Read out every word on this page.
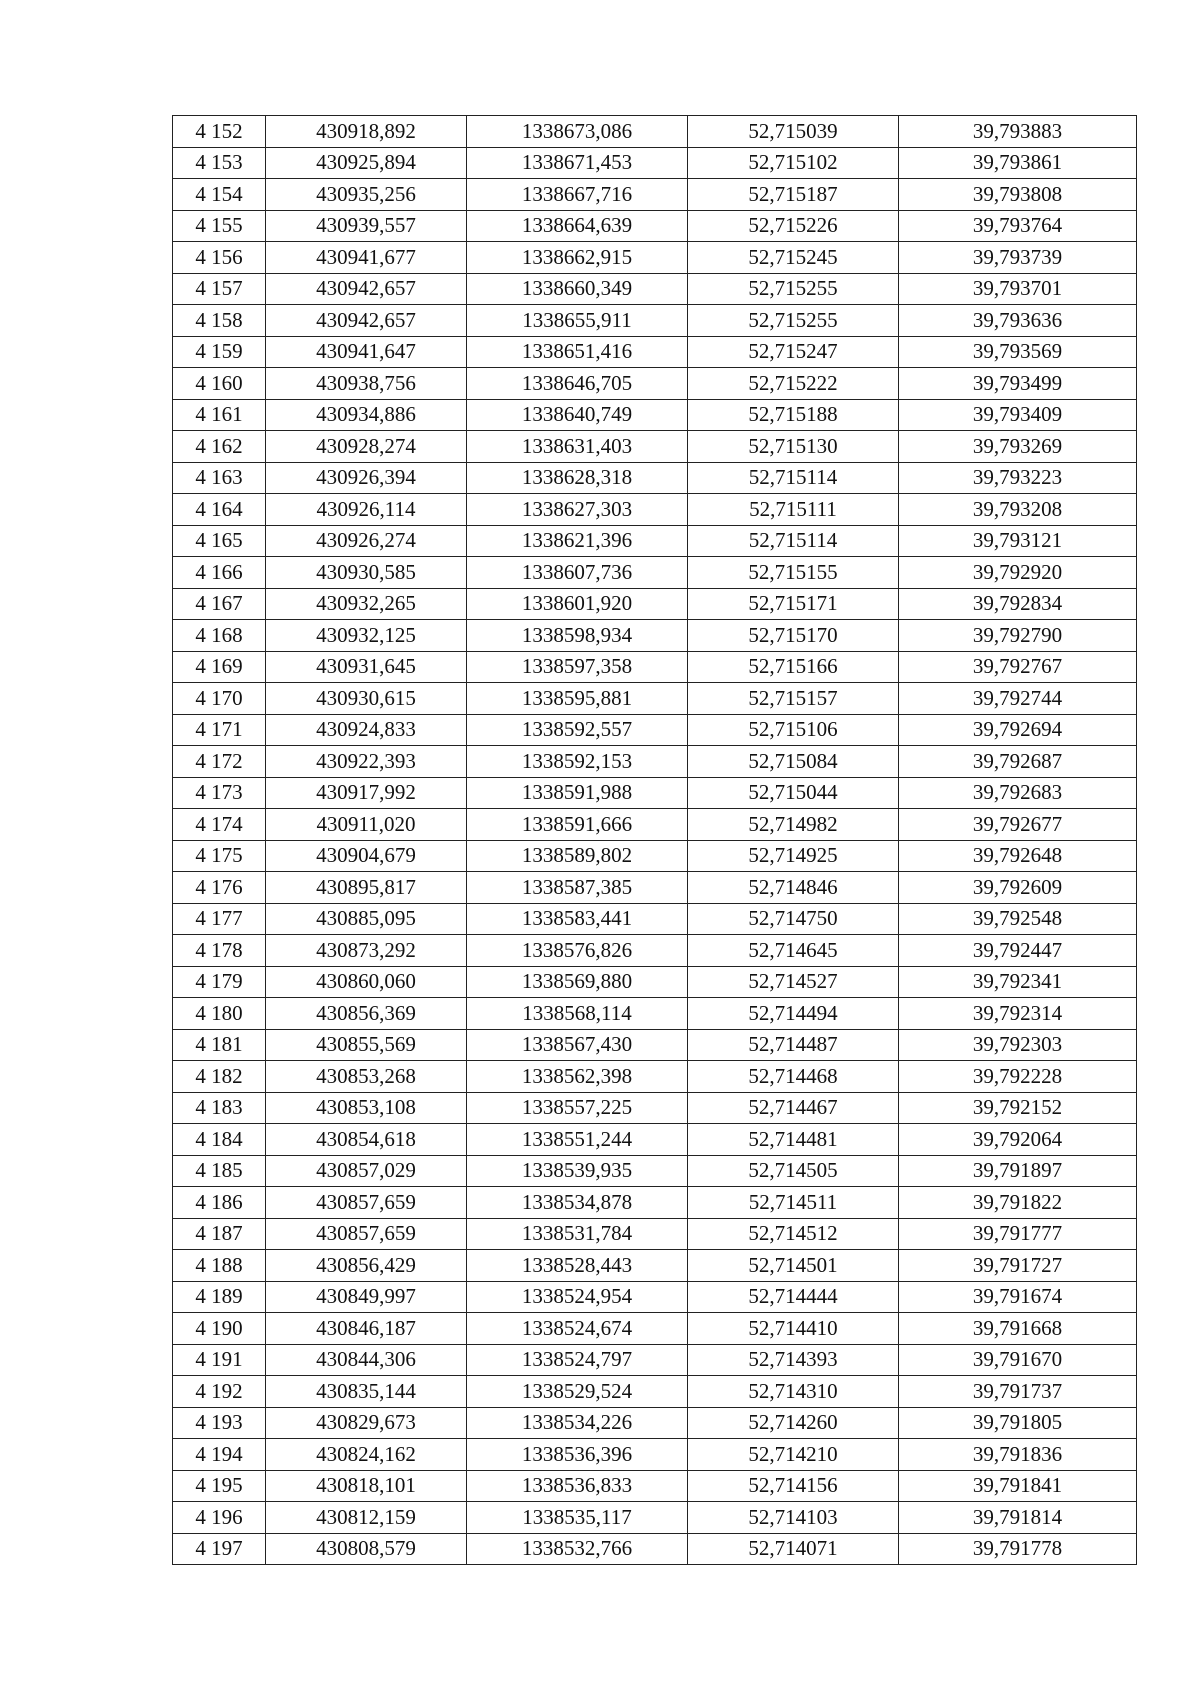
4 152	430918,892	1338673,086	52,715039	39,793883
4 153	430925,894	1338671,453	52,715102	39,793861
4 154	430935,256	1338667,716	52,715187	39,793808
4 155	430939,557	1338664,639	52,715226	39,793764
4 156	430941,677	1338662,915	52,715245	39,793739
4 157	430942,657	1338660,349	52,715255	39,793701
4 158	430942,657	1338655,911	52,715255	39,793636
4 159	430941,647	1338651,416	52,715247	39,793569
4 160	430938,756	1338646,705	52,715222	39,793499
4 161	430934,886	1338640,749	52,715188	39,793409
4 162	430928,274	1338631,403	52,715130	39,793269
4 163	430926,394	1338628,318	52,715114	39,793223
4 164	430926,114	1338627,303	52,715111	39,793208
4 165	430926,274	1338621,396	52,715114	39,793121
4 166	430930,585	1338607,736	52,715155	39,792920
4 167	430932,265	1338601,920	52,715171	39,792834
4 168	430932,125	1338598,934	52,715170	39,792790
4 169	430931,645	1338597,358	52,715166	39,792767
4 170	430930,615	1338595,881	52,715157	39,792744
4 171	430924,833	1338592,557	52,715106	39,792694
4 172	430922,393	1338592,153	52,715084	39,792687
4 173	430917,992	1338591,988	52,715044	39,792683
4 174	430911,020	1338591,666	52,714982	39,792677
4 175	430904,679	1338589,802	52,714925	39,792648
4 176	430895,817	1338587,385	52,714846	39,792609
4 177	430885,095	1338583,441	52,714750	39,792548
4 178	430873,292	1338576,826	52,714645	39,792447
4 179	430860,060	1338569,880	52,714527	39,792341
4 180	430856,369	1338568,114	52,714494	39,792314
4 181	430855,569	1338567,430	52,714487	39,792303
4 182	430853,268	1338562,398	52,714468	39,792228
4 183	430853,108	1338557,225	52,714467	39,792152
4 184	430854,618	1338551,244	52,714481	39,792064
4 185	430857,029	1338539,935	52,714505	39,791897
4 186	430857,659	1338534,878	52,714511	39,791822
4 187	430857,659	1338531,784	52,714512	39,791777
4 188	430856,429	1338528,443	52,714501	39,791727
4 189	430849,997	1338524,954	52,714444	39,791674
4 190	430846,187	1338524,674	52,714410	39,791668
4 191	430844,306	1338524,797	52,714393	39,791670
4 192	430835,144	1338529,524	52,714310	39,791737
4 193	430829,673	1338534,226	52,714260	39,791805
4 194	430824,162	1338536,396	52,714210	39,791836
4 195	430818,101	1338536,833	52,714156	39,791841
4 196	430812,159	1338535,117	52,714103	39,791814
4 197	430808,579	1338532,766	52,714071	39,791778
